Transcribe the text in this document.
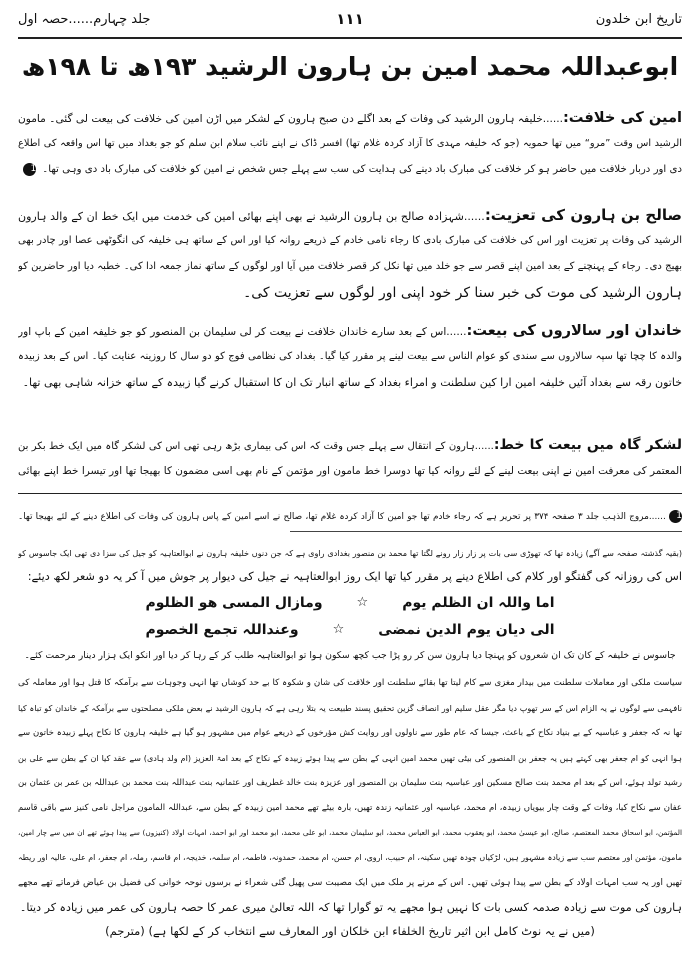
تاریخ ابن خلدون
۱۱۱
جلد چہارم......حصہ اول
ابوعبداللہ محمد امین بن ہارون الرشید ۱۹۳ھ تا ۱۹۸ھ
امین کی خلافت:......خلیفہ ہارون الرشید کی وفات کے بعد اگلے دن صبح ہارون کے لشکر میں اڑن امین کی خلافت کی بیعت لی گئی۔ مامون
الرشید اس وقت ”مرو“ میں تھا حمویہ (جو کہ خلیفہ مہدی کا آزاد کردہ غلام تھا) افسر ڈاک نے اپنے نائب سلام ابن سلم کو جو بغداد میں تھا اس واقعہ کی اطلاع
دی اور دربار خلافت میں حاضر ہو کر خلافت کی مبارک باد دینے کی ہدایت کی سب سے پہلے جس شخص نے امین کو خلافت کی مبارک باد دی وہی تھا۔1
صالح بن ہارون کی تعزیت:......شہزادہ صالح بن ہارون الرشید نے بھی اپنے بھائی امین کی خدمت میں ایک خط ان کے والد ہارون
الرشید کی وفات پر تعزیت اور اس کی خلافت کی مبارک بادی کا رجاء نامی خادم کے ذریعے روانہ کیا اور اس کے ساتھ ہی خلیفہ کی انگوٹھی عصا اور چادر بھی
بھیج دی۔ رجاء کے پہنچنے کے بعد امین اپنے قصر سے جو خلد میں تھا نکل کر قصر خلافت میں آیا اور لوگوں کے ساتھ نماز جمعہ ادا کی۔ خطبہ دیا اور حاضرین کو
ہارون الرشید کی موت کی خبر سنا کر خود اپنی اور لوگوں سے تعزیت کی۔
خاندان اور سالاروں کی بیعت:......اس کے بعد سارے خاندان خلافت نے بیعت کر لی سلیمان بن المنصور کو جو خلیفہ امین کے باپ اور
والدہ کا چچا تھا سپہ سالاروں سے سندی کو عوام الناس سے بیعت لینے پر مقرر کیا گیا۔ بغداد کی نظامی فوج کو دو سال کا روزینہ عنایت کیا۔ اس کے بعد زبیدہ
خاتون رقہ سے بغداد آئیں خلیفہ امین ارا کین سلطنت و امراء بغداد کے ساتھ انبار تک ان کا استقبال کرنے گیا زبیدہ کے ساتھ خزانہ شاہی بھی تھا۔
لشکر گاہ میں بیعت کا خط:......ہارون کے انتقال سے پہلے جس وقت کہ اس کی بیماری بڑھ رہی تھی اس کی لشکر گاہ میں ایک خط بکر بن
المعتمر کی معرفت امین نے اپنی بیعت لینے کے لئے روانہ کیا تھا دوسرا خط مامون اور مؤتمن کے نام بھی اسی مضمون کا بھیجا تھا اور تیسرا خط اپنے بھائی
1 ......مروج الذہب جلد ۳ صفحہ ۳۷۴ پر تحریر ہے کہ رجاء خادم تھا جو امین کا آزاد کردہ غلام تھا، صالح نے اسے امین کے پاس ہارون کی وفات کی اطلاع دینے کے لئے بھیجا تھا۔
(بقیہ گذشتہ صفحہ سے آگے) زیادہ تھا کہ تھوڑی سی بات پر زار زار رونے لگتا تھا محمد بن منصور بغدادی راوی ہے کہ جن دنوں خلیفہ ہارون نے ابوالعتاہیہ کو جیل کی سزا دی تھی ایک جاسوس کو
اس کی روزانہ کی گفتگو اور کلام کی اطلاع دینے پر مقرر کیا تھا ایک روز ابوالعتاہیہ نے جیل کی دیوار پر جوش میں آ کر یہ دو شعر لکھ دیئے:
اما واللہ ان الظلم یوم
☆
ومازال المسی ھو الظلوم
الی دیان یوم الدین نمضی
☆
وعنداللہ تجمع الخصوم
جاسوس نے خلیفہ کے کان تک ان شعروں کو پہنچا دیا ہارون سن کر رو پڑا جب کچھ سکون ہوا تو ابوالعتاہیہ طلب کر کے رہا کر دیا اور انکو ایک ہزار دینار مرحمت کئے۔
سیاست ملکی اور معاملات سلطنت میں بیدار مغزی سے کام لیتا تھا بقائے سلطنت اور خلافت کی شان و شکوہ کا بے حد کوشاں تھا انہی وجوہات سے برآمکہ کا قتل ہوا اور معاملہ کی
نافہمی سے لوگوں نے یہ الزام اس کے سر تھوپ دیا مگر عقل سلیم اور انصاف گزین تحقیق پسند طبیعت یہ بتلا رہی ہے کہ ہارون الرشید نے بعض ملکی مصلحتوں سے برآمکہ کے خاندان کو تباہ کیا
تھا نہ کہ جعفر و عباسیہ کے بے بنیاد نکاح کے باعث، جیسا کہ عام طور سے ناولوں اور روایت کش مؤرخوں کے ذریعے عوام میں مشہور ہو گیا ہے خلیفہ ہارون کا نکاح پہلے زبیدہ خاتون سے
ہوا انہی کو ام جعفر بھی کہتے ہیں یہ جعفر بن المنصور کی بیٹی تھیں محمد امین انہی کے بطن سے پیدا ہوئے زبیدہ کے نکاح کے بعد امۃ العزیز (ام ولد ہادی) سے عقد کیا ان کے بطن سے علی بن
رشید تولد ہوئے، اس کے بعد ام محمد بنت صالح مسکین اور عباسیہ بنت سلیمان بن المنصور اور عزیزہ بنت خالد غطریف اور عثمانیہ بنت عبداللہ بنت محمد بن عبداللہ بن عمر بن عثمان بن
عفان سے نکاح کیا، وفات کے وقت چار بیویاں زبیدہ، ام محمد، عباسیہ اور عثمانیہ زندہ تھیں، بارہ بیٹے تھے محمد امین زبیدہ کے بطن سے، عبداللہ المامون مراجل نامی کنیز سے باقی قاسم
المؤتمن، ابو اسحاق محمد المعتصم، صالح، ابو عیسیٰ محمد، ابو یعقوب محمد، ابو العباس محمد، ابو سلیمان محمد، ابو علی محمد، ابو محمد اور ابو احمد، امہات اولاد (کنیزوں) سے پیدا ہوئے تھے ان میں سے چار امین،
مامون، مؤتمن اور معتصم سب سے زیادہ مشہور ہیں، لڑکیاں چودہ تھیں سکینہ، ام حبیب، اروی، ام حسن، ام محمد، حمدونہ، فاطمہ، ام سلمہ، خدیجہ، ام قاسم، رملہ، ام جعفر، ام علی، عالیہ اور ریطہ
تھیں اور یہ سب امہات اولاد کے بطن سے پیدا ہوئی تھیں۔ اس کے مرنے پر ملک میں ایک مصیبت سی پھیل گئی شعراء نے برسوں نوحہ خوانی کی فضیل بن عیاض فرماتے تھے مجھے
ہارون کی موت سے زیادہ صدمہ کسی بات کا نہیں ہوا مجھے یہ تو گوارا تھا کہ اللہ تعالیٰ میری عمر کا حصہ ہارون کی عمر میں زیادہ کر دیتا۔
(میں نے یہ نوٹ کامل ابن اثیر تاریخ الخلفاء ابن خلکان اور المعارف سے انتخاب کر کے لکھا ہے) (مترجم)
